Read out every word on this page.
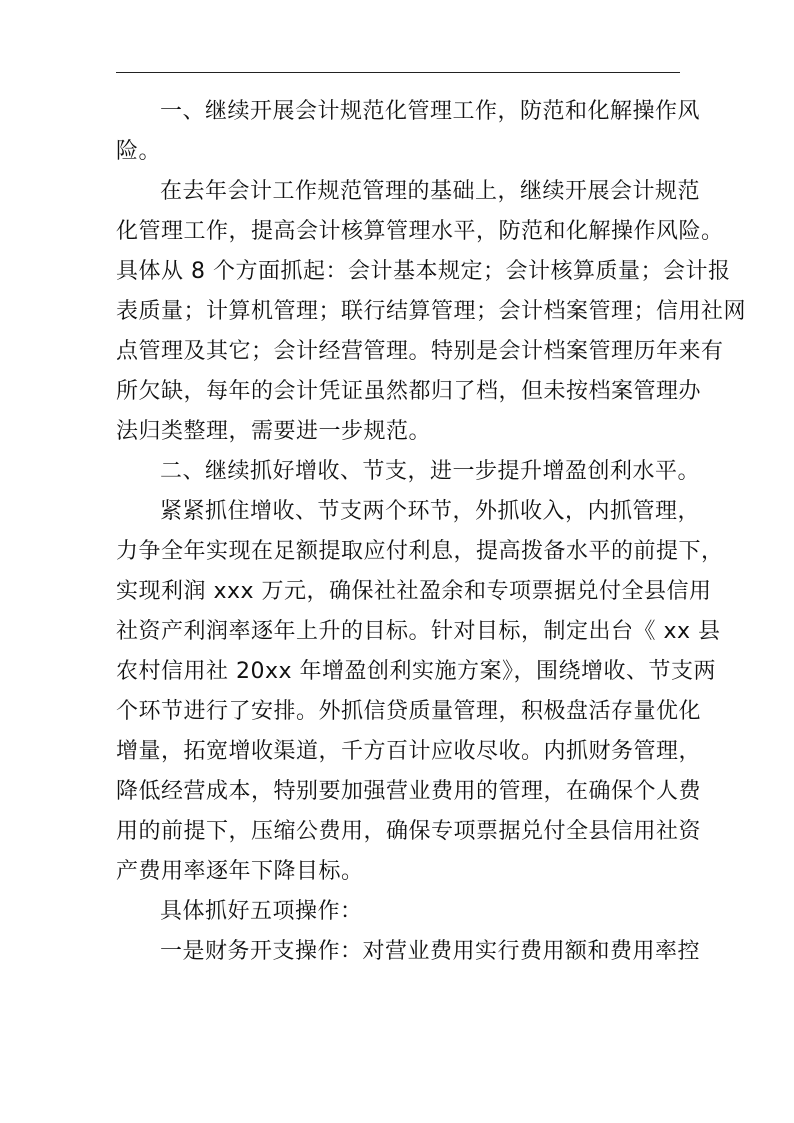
一、继续开展会计规范化管理工作，防范和化解操作风
险。
在去年会计工作规范管理的基础上，继续开展会计规范
化管理工作，提高会计核算管理水平，防范和化解操作风险。
具体从 8 个方面抓起：会计基本规定；会计核算质量；会计报
表质量；计算机管理；联行结算管理；会计档案管理；信用社网
点管理及其它；会计经营管理。特别是会计档案管理历年来有
所欠缺，每年的会计凭证虽然都归了档，但未按档案管理办
法归类整理，需要进一步规范。
二、继续抓好增收、节支，进一步提升增盈创利水平。
紧紧抓住增收、节支两个环节，外抓收入，内抓管理，
力争全年实现在足额提取应付利息，提高拨备水平的前提下，
实现利润 xxx 万元，确保社社盈余和专项票据兑付全县信用
社资产利润率逐年上升的目标。针对目标，制定出台《 xx 县
农村信用社 20xx 年增盈创利实施方案》，围绕增收、节支两
个环节进行了安排。外抓信贷质量管理，积极盘活存量优化
增量，拓宽增收渠道，千方百计应收尽收。内抓财务管理，
降低经营成本，特别要加强营业费用的管理，在确保个人费
用的前提下，压缩公费用，确保专项票据兑付全县信用社资
产费用率逐年下降目标。
具体抓好五项操作：
一是财务开支操作：对营业费用实行费用额和费用率控
